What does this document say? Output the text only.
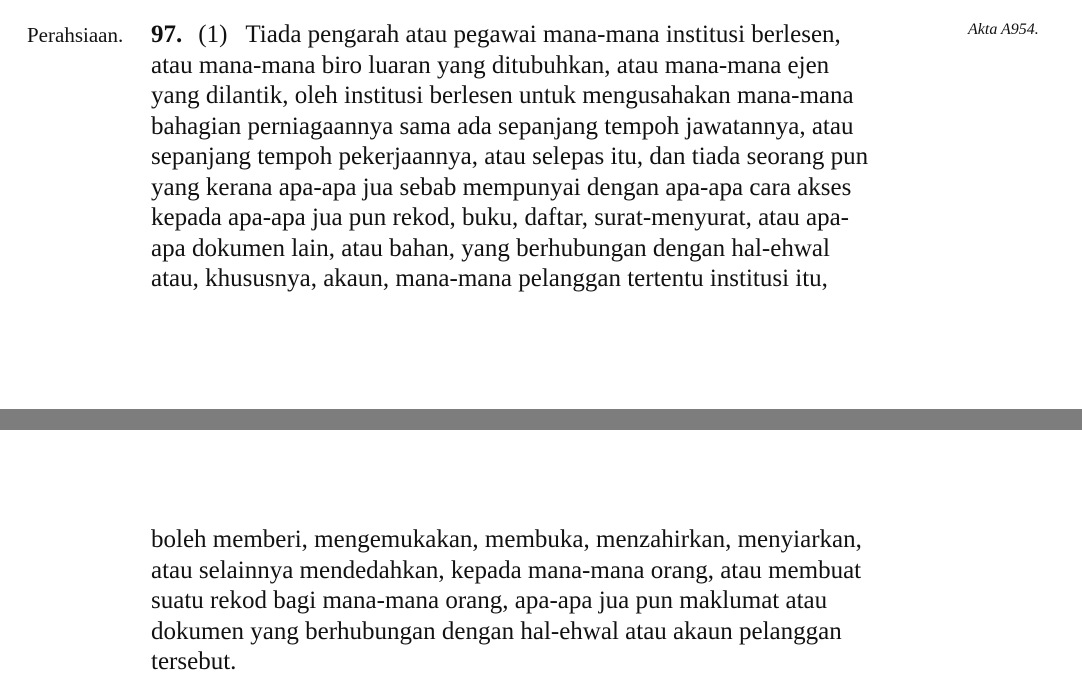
Perahsiaan.	Akta A954.
97. (1) Tiada pengarah atau pegawai mana-mana institusi berlesen,
atau mana-mana biro luaran yang ditubuhkan, atau mana-mana ejen
yang dilantik, oleh institusi berlesen untuk mengusahakan mana-mana
bahagian perniagaannya sama ada sepanjang tempoh jawatannya, atau
sepanjang tempoh pekerjaannya, atau selepas itu, dan tiada seorang pun
yang kerana apa-apa jua sebab mempunyai dengan apa-apa cara akses
kepada apa-apa jua pun rekod, buku, daftar, surat-menyurat, atau apa-
apa dokumen lain, atau bahan, yang berhubungan dengan hal-ehwal
atau, khususnya, akaun, mana-mana pelanggan tertentu institusi itu,
boleh memberi, mengemukakan, membuka, menzahirkan, menyiarkan,
atau selainnya mendedahkan, kepada mana-mana orang, atau membuat
suatu rekod bagi mana-mana orang, apa-apa jua pun maklumat atau
dokumen yang berhubungan dengan hal-ehwal atau akaun pelanggan
tersebut.
